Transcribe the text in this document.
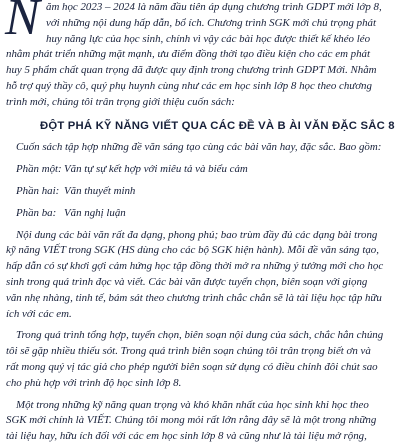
N ăm học 2023 – 2024 là năm đầu tiên áp dụng chương trình GDPT mới lớp 8,
với những nội dung hấp dẫn, bổ ích. Chương trình SGK mới chú trọng phát
huy năng lực của học sinh, chính vì vậy các bài học được thiết kế khéo léo
nhằm phát triển những mặt mạnh, ưu điểm đồng thời tạo điều kiện cho các em phát
huy 5 phẩm chất quan trọng đã được quy định trong chương trình GDPT Mới. Nhằm
hỗ trợ quý thầy cô, quý phụ huynh cùng như các em học sinh lớp 8 học theo chương
trình mới, chúng tôi trân trọng giới thiệu cuốn sách:
ĐỘT PHÁ KỸ NĂNG VIẾT QUA CÁC ĐỀ VÀ B ÀI VĂN ĐẶC SẮC 8
Cuốn sách tập hợp những đề văn sáng tạo cùng các bài văn hay, đặc sắc. Bao gồm:
Phần một: Văn tự sự kết hợp với miêu tả và biểu cảm
Phần hai: Văn thuyết minh
Phần ba: Văn nghị luận
Nội dung các bài văn rất đa dạng, phong phú; bao trùm đầy đủ các dạng bài trong
kỹ năng VIẾT trong SGK (HS dùng cho các bộ SGK hiện hành). Mỗi đề văn sáng tạo,
hấp dẫn có sự khơi gợi cảm hứng học tập đồng thời mở ra những ý tưởng mới cho học
sinh trong quá trình đọc và viết. Các bài văn được tuyển chọn, biên soạn với giọng
văn nhẹ nhàng, tinh tế, bám sát theo chương trình chắc chắn sẽ là tài liệu học tập hữu
ích với các em.
Trong quá trình tổng hợp, tuyển chọn, biên soạn nội dung của sách, chắc hẳn chúng
tôi sẽ gặp nhiều thiếu sót. Trong quá trình biên soạn chúng tôi trân trọng biết ơn và
rất mong quý vị tác giả cho phép người biên soạn sử dụng có điều chỉnh đôi chút sao
cho phù hợp với trình độ học sinh lớp 8.
Một trong những kỹ năng quan trọng và khó khăn nhất của học sinh khi học theo
SGK mới chính là VIẾT. Chúng tôi mong mỏi rất lớn rằng đây sẽ là một trong những
tài liệu hay, hữu ích đối với các em học sinh lớp 8 và cũng như là tài liệu mở rộng,
